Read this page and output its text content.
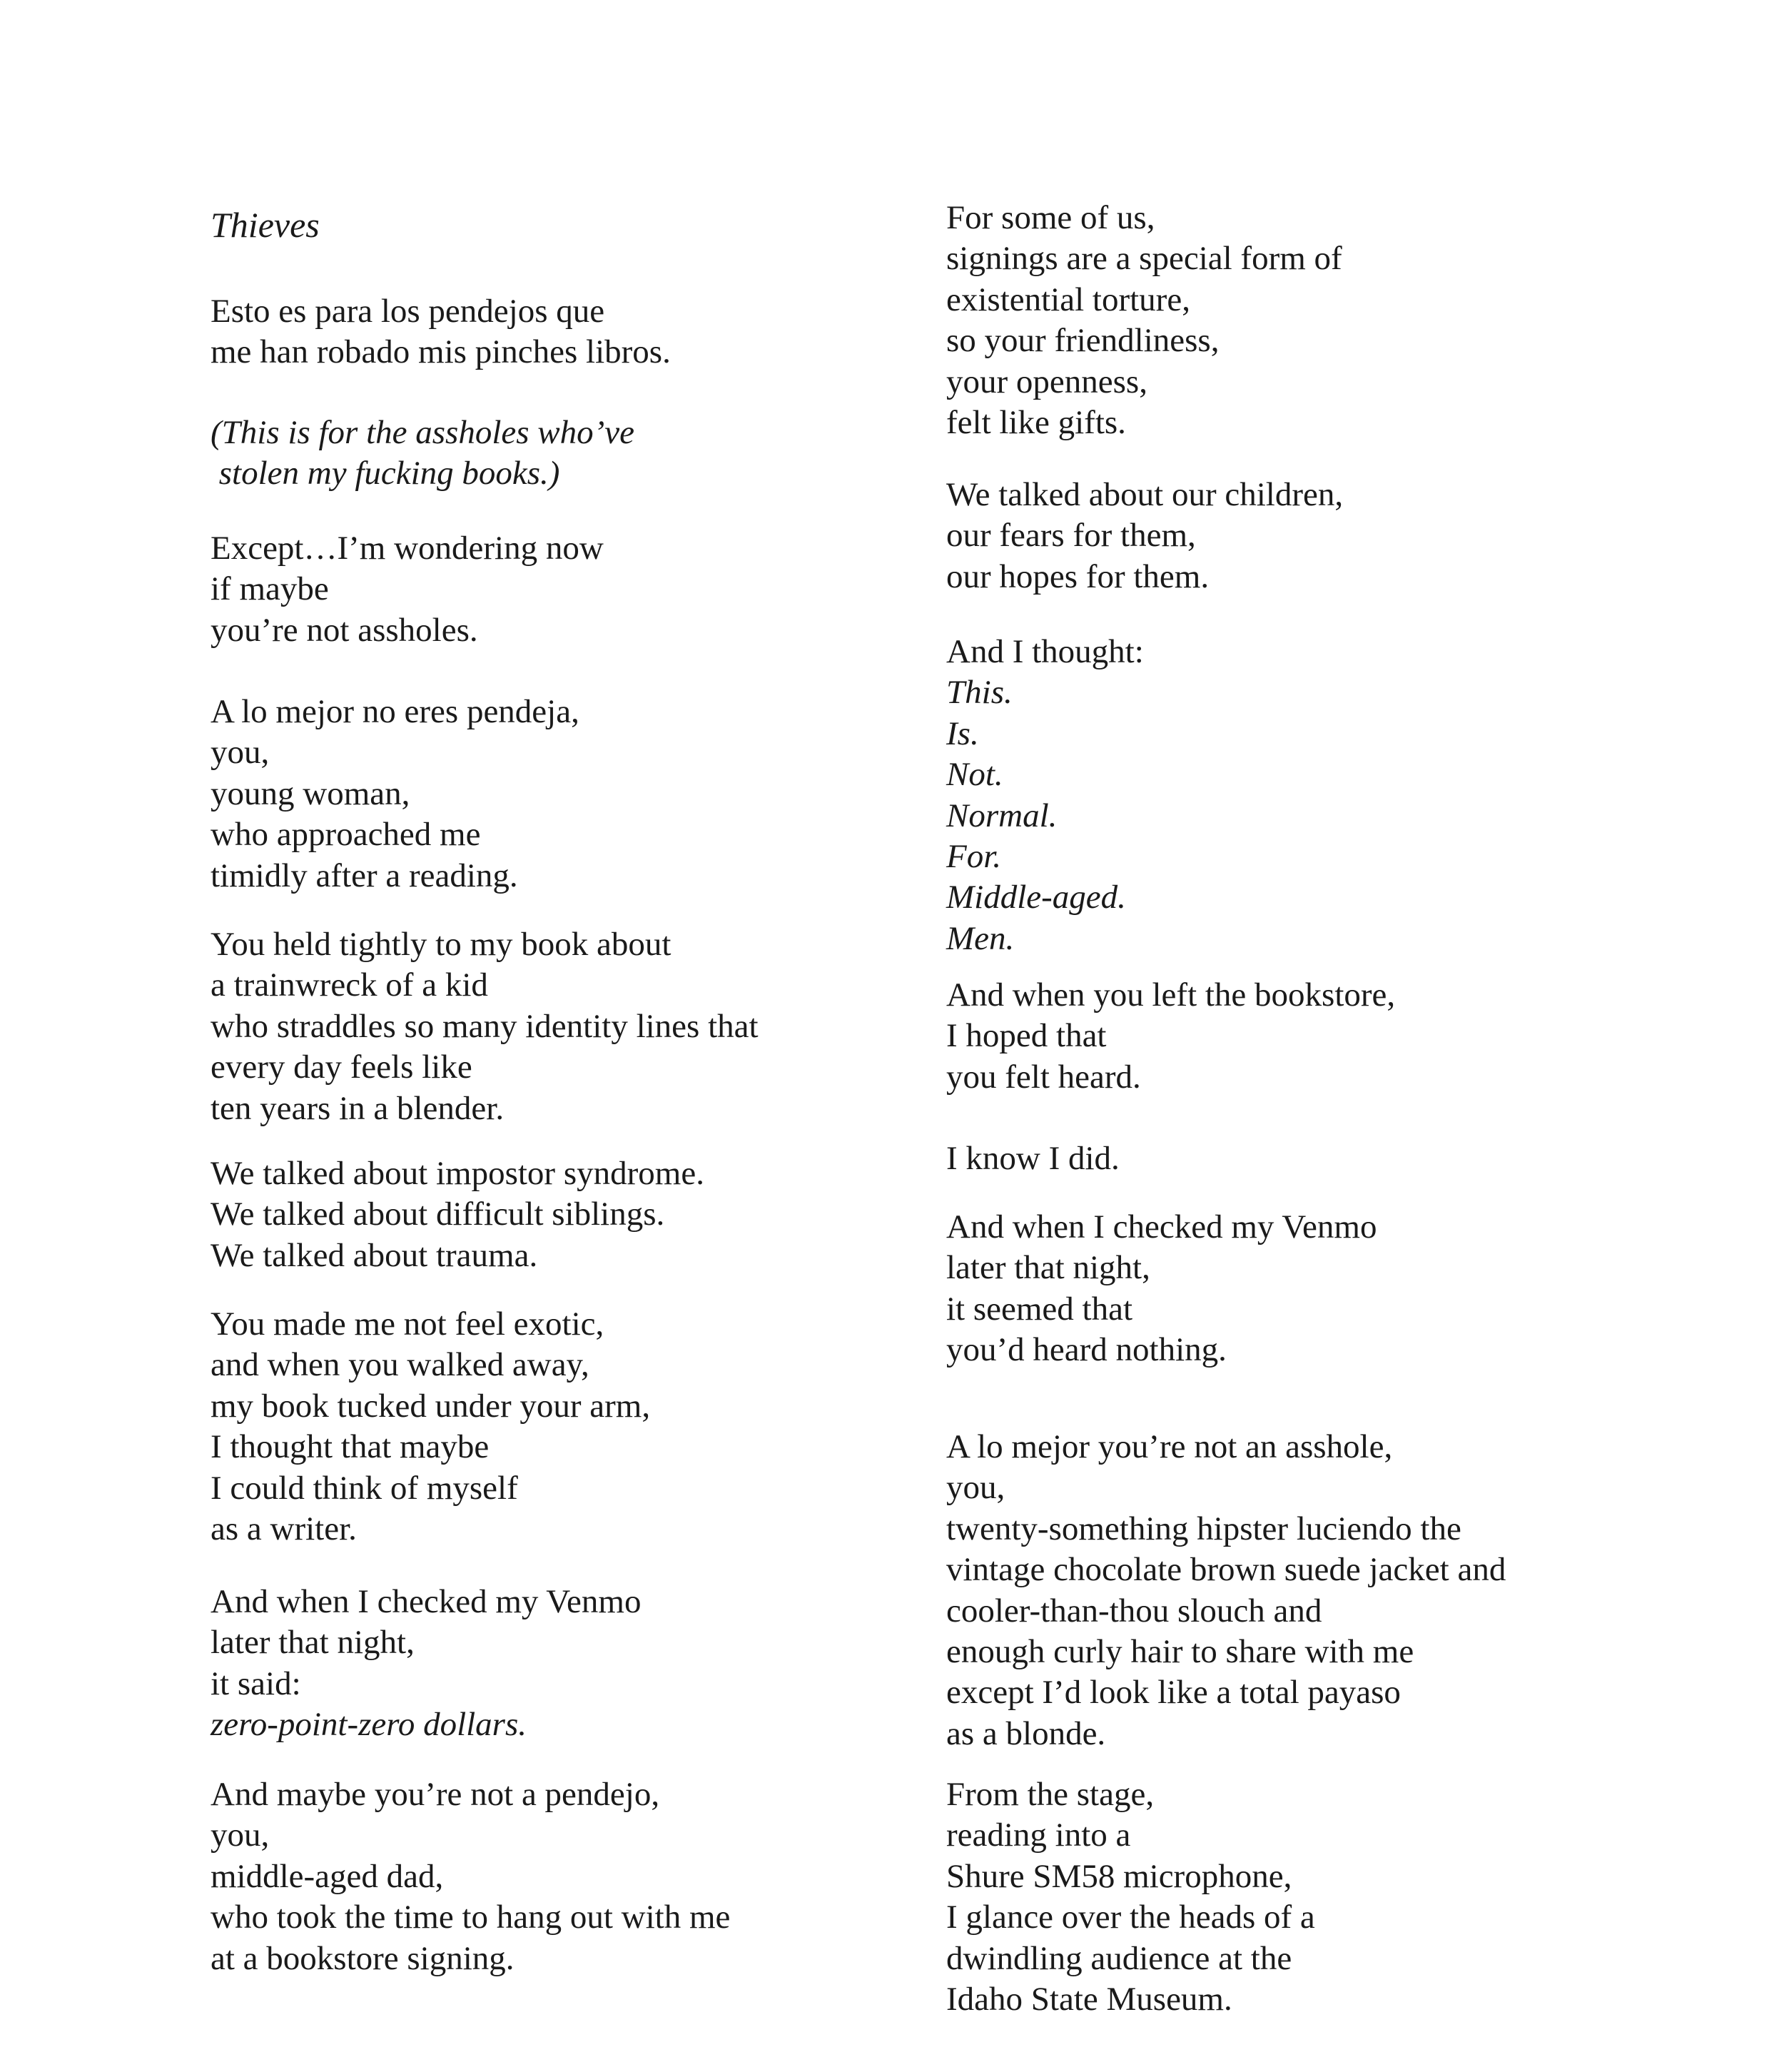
Thieves
Esto es para los pendejos que
me han robado mis pinches libros.
(This is for the assholes who’ve
stolen my fucking books.)
Except…I’m wondering now
if maybe
you’re not assholes.
A lo mejor no eres pendeja,
you,
young woman,
who approached me
timidly after a reading.
You held tightly to my book about
a trainwreck of a kid
who straddles so many identity lines that
every day feels like
ten years in a blender.
We talked about impostor syndrome.
We talked about difficult siblings.
We talked about trauma.
You made me not feel exotic,
and when you walked away,
my book tucked under your arm,
I thought that maybe
I could think of myself
as a writer.
And when I checked my Venmo
later that night,
it said:
zero-point-zero dollars.
And maybe you’re not a pendejo,
you,
middle-aged dad,
who took the time to hang out with me
at a bookstore signing.
For some of us,
signings are a special form of
existential torture,
so your friendliness,
your openness,
felt like gifts.
We talked about our children,
our fears for them,
our hopes for them.
And I thought:
This.
Is.
Not.
Normal.
For.
Middle-aged.
Men.
And when you left the bookstore,
I hoped that
you felt heard.
I know I did.
And when I checked my Venmo
later that night,
it seemed that
you’d heard nothing.
A lo mejor you’re not an asshole,
you,
twenty-something hipster luciendo the
vintage chocolate brown suede jacket and
cooler-than-thou slouch and
enough curly hair to share with me
except I’d look like a total payaso
as a blonde.
From the stage,
reading into a
Shure SM58 microphone,
I glance over the heads of a
dwindling audience at the
Idaho State Museum.
